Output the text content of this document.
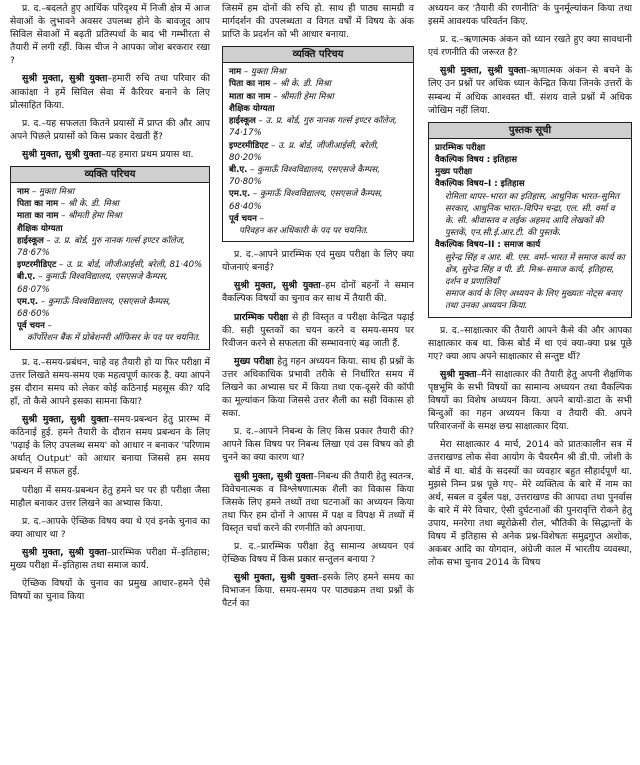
प्र. द.–बदलते हुए आर्थिक परिदृश्य में निजी क्षेत्र में आज सेवाओं के लुभावने अवसर उपलब्ध होने के बावजूद आप सिविल सेवाओं में बढ़ती प्रतिस्पर्धा के बाद भी गम्भीरता से तैयारी में लगी रहीं. किस चीज ने आपका जोश बरकरार रखा ?

सुश्री मुक्ता, सुश्री युक्ता–हमारी रुचि तथा परिवार की आकांक्षा ने हमें सिविल सेवा में कैरियर बनाने के लिए प्रोत्साहित किया.

प्र. द.–यह सफलता कितने प्रयासों में प्राप्त की और आप अपने पिछले प्रयासों को किस प्रकार देखती हैं?

सुश्री मुक्ता, सुश्री युक्ता–यह हमारा प्रथम प्रयास था.

व्यक्ति परिचय
नाम – मुक्ता मिश्रा
पिता का नाम – श्री के. डी. मिश्रा
माता का नाम – श्रीमती हेमा मिश्रा
शैक्षिक योग्यता
हाईस्कूल – उ. प्र. बोर्ड, गुरु नानक गर्ल्स इण्टर कॉलेज, 78·67%
इण्टरमीडिएट – उ. प्र. बोर्ड, जीजीआईसी, बरेली, 81·40%
बी.ए. – कुमाऊँ विश्वविद्यालय, एसएसजे कैम्पस, 68·07%
एम.ए. – कुमाऊँ विश्वविद्यालय, एसएसजे कैम्पस, 68·60%
पूर्व चयन –
कॉर्पोरेशन बैंक में प्रोबेशनरी ऑफिसर के पद पर चयनित.

प्र. द.–समय-प्रबंधन, चाहे वह तैयारी हो या फिर परीक्षा में उत्तर लिखते समय-समय एक महत्वपूर्ण कारक है. क्या आपने इस दौरान समय को लेकर कोई कठिनाई महसूस की? यदि हाँ, तो कैसे आपने इसका सामना किया?

सुश्री मुक्ता, सुश्री युक्ता–समय-प्रबन्धन हेतु प्रारम्भ में कठिनाई हुई. हमने तैयारी के दौरान समय प्रबन्धन के लिए 'पढ़ाई के लिए उपलब्ध समय' को आधार न बनाकर 'परिणाम अर्थात् Output' को आधार बनाया जिससे हम समय प्रबन्धन में सफल हुई.

परीक्षा में समय-प्रबन्धन हेतु हमने घर पर ही परीक्षा जैसा माहौल बनाकर उत्तर लिखने का अभ्यास किया.

प्र. द.–आपके ऐच्छिक विषय क्या थे एवं इनके चुनाव का क्या आधार था ?

सुश्री मुक्ता, सुश्री युक्ता–प्रारम्भिक परीक्षा में–इतिहास; मुख्य परीक्षा में–इतिहास तथा समाज कार्य.

ऐच्छिक विषयों के चुनाव का प्रमुख आधार–हमने ऐसे विषयों का चुनाव किया

जिसमें हम दोनों की रुचि हो. साथ ही पाठ्य सामग्री व मार्गदर्शन की उपलब्धता व विगत वर्षों में विषय के अंक प्राप्ति के प्रदर्शन को भी आधार बनाया.

व्यक्ति परिचय
नाम – युक्ता मिश्रा
पिता का नाम – श्री के. डी. मिश्रा
माता का नाम – श्रीमती हेमा मिश्रा
शैक्षिक योग्यता
हाईस्कूल – उ. प्र. बोर्ड, गुरु नानक गर्ल्स इण्टर कॉलेज, 74·17%
इण्टरमीडिएट – उ. प्र. बोर्ड, जीजीआईसी, बरेली, 80·20%
बी.ए. – कुमाऊँ विश्वविद्यालय, एसएसजे कैम्पस, 70·80%
एम.ए. – कुमाऊँ विश्वविद्यालय, एसएसजे कैम्पस, 68·40%
पूर्व चयन –
परिवहन कर अधिकारी के पद पर चयनित.

प्र. द.–आपने प्रारम्भिक एवं मुख्य परीक्षा के लिए क्या योजनाएं बनाई?

सुश्री मुक्ता, सुश्री युक्ता–हम दोनों बहनों ने समान वैकल्पिक विषयों का चुनाव कर साथ में तैयारी की.

प्रारम्भिक परीक्षा से ही विस्तृत व परीक्षा केन्द्रित पढ़ाई की. सही पुस्तकों का चयन करने व समय-समय पर रिवीजन करने से सफलता की सम्भावनाएं बढ़ जाती हैं.

मुख्य परीक्षा हेतु गहन अध्ययन किया. साथ ही प्रश्नों के उत्तर अधिकाधिक प्रभावी तरीके से निर्धारित समय में लिखने का अभ्यास घर में किया तथा एक-दूसरे की कॉपी का मूल्यांकन किया जिससे उत्तर शैली का सही विकास हो सका.

प्र. द.–आपने निबन्ध के लिए किस प्रकार तैयारी की? आपने किस विषय पर निबन्ध लिखा एवं उस विषय को ही चुनने का क्या कारण था?

सुश्री मुक्ता, सुश्री युक्ता–निबन्ध की तैयारी हेतु स्वतन्त्र, विवेचनात्मक व विश्लेषणात्मक शैली का विकास किया जिसके लिए हमने तथ्यों तथा घटनाओं का अध्ययन किया तथा फिर हम दोनों ने आपस में पक्ष व विपक्ष में तथ्यों में विस्तृत चर्चा करने की रणनीति को अपनाया.

प्र. द.–प्रारम्भिक परीक्षा हेतु सामान्य अध्ययन एवं ऐच्छिक विषय में किस प्रकार सन्तुलन बनाया ?

सुश्री मुक्ता, सुश्री युक्ता–इसके लिए हमने समय का विभाजन किया. समय-समय पर पाठ्यक्रम तथा प्रश्नों के पैटर्न का

अध्ययन कर 'तैयारी की रणनीति' के पुनर्मूल्यांकन किया तथा इसमें आवश्यक परिवर्तन किए.

प्र. द.–ऋणात्मक अंकन को ध्यान रखते हुए क्या सावधानी एवं रणनीति की जरूरत है?

सुश्री मुक्ता, सुश्री युक्ता–ऋणात्मक अंकन से बचने के लिए उन प्रश्नों पर अधिक ध्यान केन्द्रित किया जिनके उत्तरों के सम्बन्ध में अधिक आश्वस्त थीं. संशय वाले प्रश्नों में अधिक जोखिम नहीं लिया.

पुस्तक सूची
प्रारम्भिक परीक्षा
वैकल्पिक विषय : इतिहास
मुख्य परीक्षा
वैकल्पिक विषय–I : इतिहास
रोमिला थापर–भारत का इतिहास, आधुनिक भारत–सुमित सरकार, आधुनिक भारत–विपिन चन्द्रा, एल. सी. वर्मा व के. सी. श्रीवास्तव व लईक अहमद आदि लेखकों की पुस्तकें, एन.सी.ई.आर.टी. की पुस्तकें.
वैकल्पिक विषय–II : समाज कार्य
सुरेन्द्र सिंह व आर. बी. एस. वर्मा–भारत में समाज कार्य का क्षेत्र, सुरेन्द्र सिंह व पी. डी. मिश्र–समाज कार्य, इतिहास, दर्शन व प्रणालियाँ
समाज कार्य के लिए अध्ययन के लिए मुख्यतः नोट्स बनाए तथा उनका अध्ययन किया.

प्र. द.–साक्षात्कार की तैयारी आपने कैसे की और आपका साक्षात्कार कब था. किस बोर्ड में था एवं क्या-क्या प्रश्न पूछे गए? क्या आप अपने साक्षात्कार से सन्तुष्ट थीं?

सुश्री मुक्ता–मैंने साक्षात्कार की तैयारी हेतु अपनी शैक्षणिक पृष्ठभूमि के सभी विषयों का सामान्य अध्ययन तथा वैकल्पिक विषयों का विशेष अध्ययन किया. अपने बायो-डाटा के सभी बिन्दुओं का गहन अध्ययन किया व तैयारी की. अपने परिवारजनों के समक्ष छद्म साक्षात्कार दिया.

मेरा साक्षात्कार 4 मार्च, 2014 को प्रातःकालीन सत्र में उत्तराखण्ड लोक सेवा आयोग के चैयरमैन श्री डी.पी. जोशी के बोर्ड में था. बोर्ड के सदस्यों का व्यवहार बहुत सौहार्दपूर्ण था. मुझसे निम्न प्रश्न पूछे गए– मेरे व्यक्तित्व के बारे में नाम का अर्थ, सबल व दुर्बल पक्ष, उत्तराखण्ड की आपदा तथा पुनर्वास के बारे में मेरे विचार, ऐसी दुर्घटनाओं की पुनरावृत्ति रोकने हेतु उपाय, मनरेगा तथा ब्यूरोक्रेसी रोल, भौतिकी के सिद्धान्तों के विषय में इतिहास से अनेक प्रश्न-विशेषतः समुद्रगुप्त अशोक, अकबर आदि का योगदान, अंग्रेजी काल में भारतीय व्यवस्था, लोक सभा चुनाव 2014 के विषय
